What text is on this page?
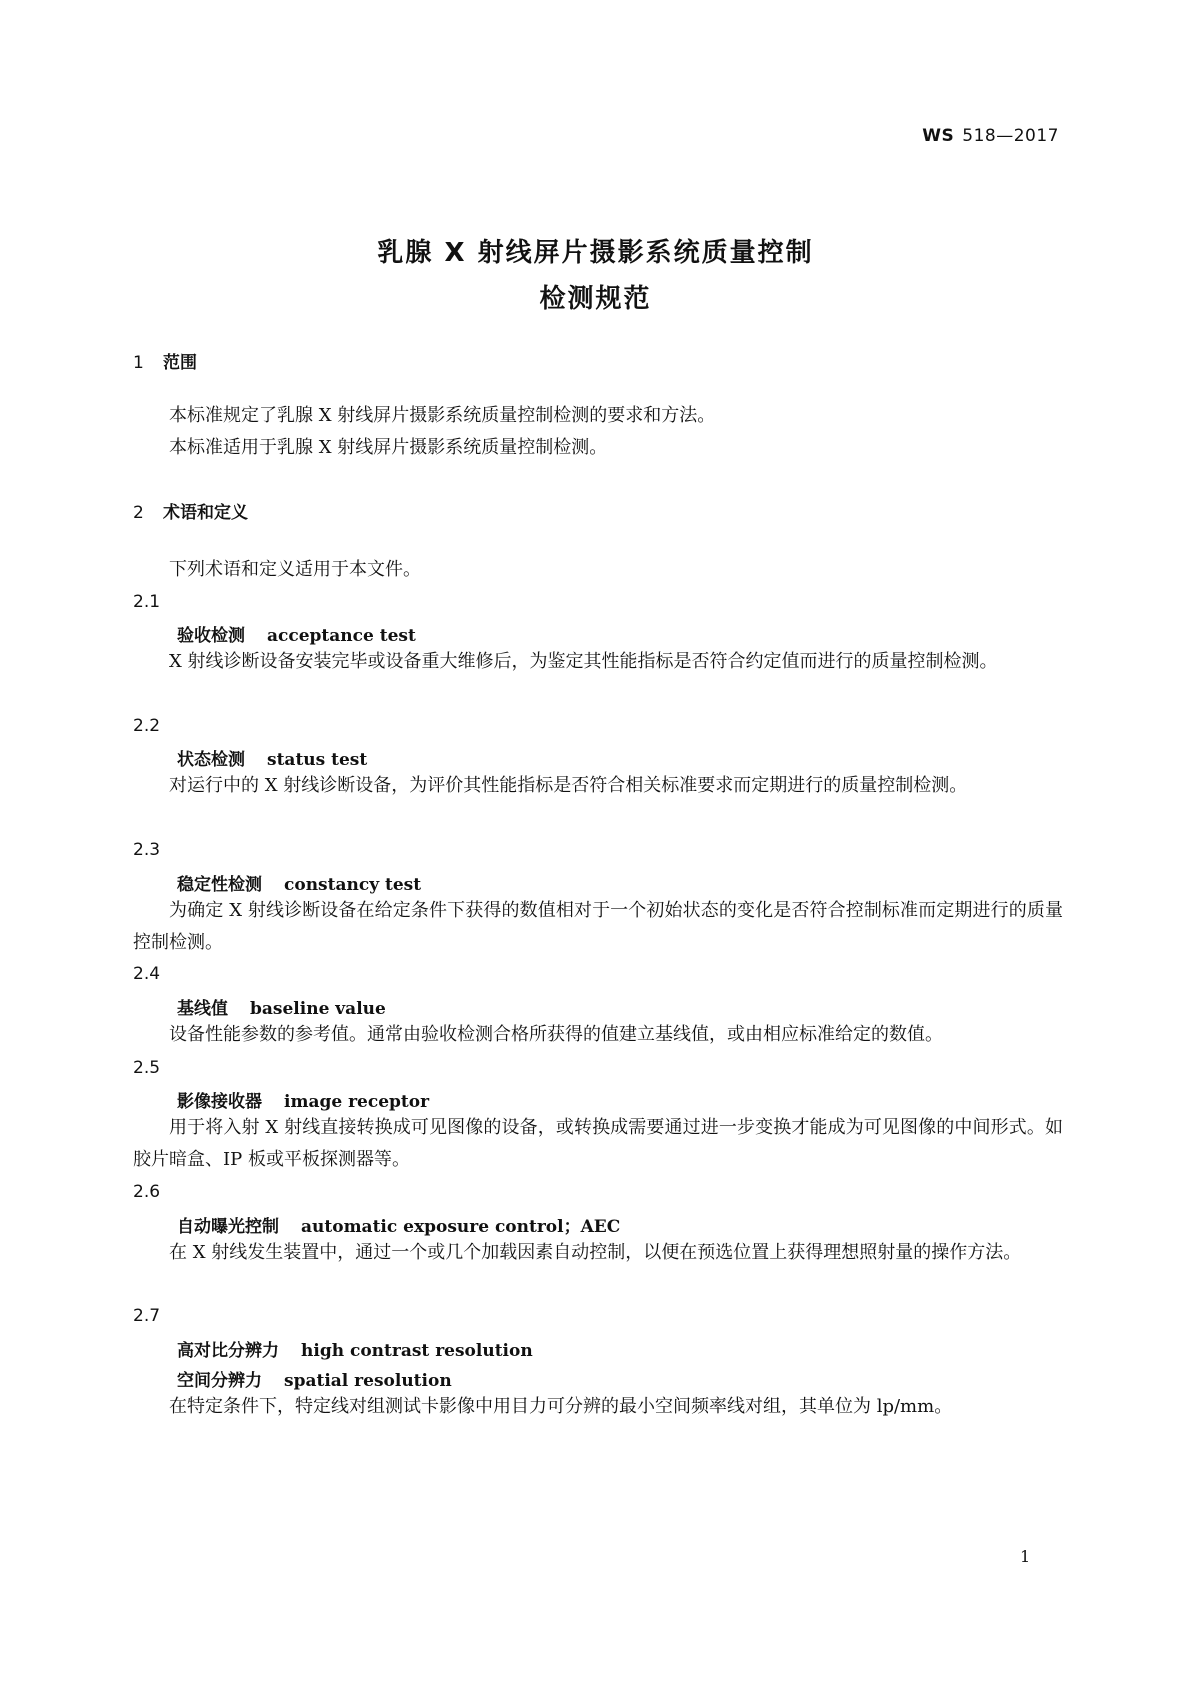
WS 518—2017
乳腺 X 射线屏片摄影系统质量控制
检测规范
1 范围
本标准规定了乳腺 X 射线屏片摄影系统质量控制检测的要求和方法。
本标准适用于乳腺 X 射线屏片摄影系统质量控制检测。
2 术语和定义
下列术语和定义适用于本文件。
2.1
验收检测 acceptance test
X 射线诊断设备安装完毕或设备重大维修后，为鉴定其性能指标是否符合约定值而进行的质量控制检测。
2.2
状态检测 status test
对运行中的 X 射线诊断设备，为评价其性能指标是否符合相关标准要求而定期进行的质量控制检测。
2.3
稳定性检测 constancy test
为确定 X 射线诊断设备在给定条件下获得的数值相对于一个初始状态的变化是否符合控制标准而定期进行的质量控制检测。
2.4
基线值 baseline value
设备性能参数的参考值。通常由验收检测合格所获得的值建立基线值，或由相应标准给定的数值。
2.5
影像接收器 image receptor
用于将入射 X 射线直接转换成可见图像的设备，或转换成需要通过进一步变换才能成为可见图像的中间形式。如胶片暗盒、IP 板或平板探测器等。
2.6
自动曝光控制 automatic exposure control；AEC
在 X 射线发生装置中，通过一个或几个加载因素自动控制，以便在预选位置上获得理想照射量的操作方法。
2.7
高对比分辨力 high contrast resolution
空间分辨力 spatial resolution
在特定条件下，特定线对组测试卡影像中用目力可分辨的最小空间频率线对组，其单位为 lp/mm。
1
